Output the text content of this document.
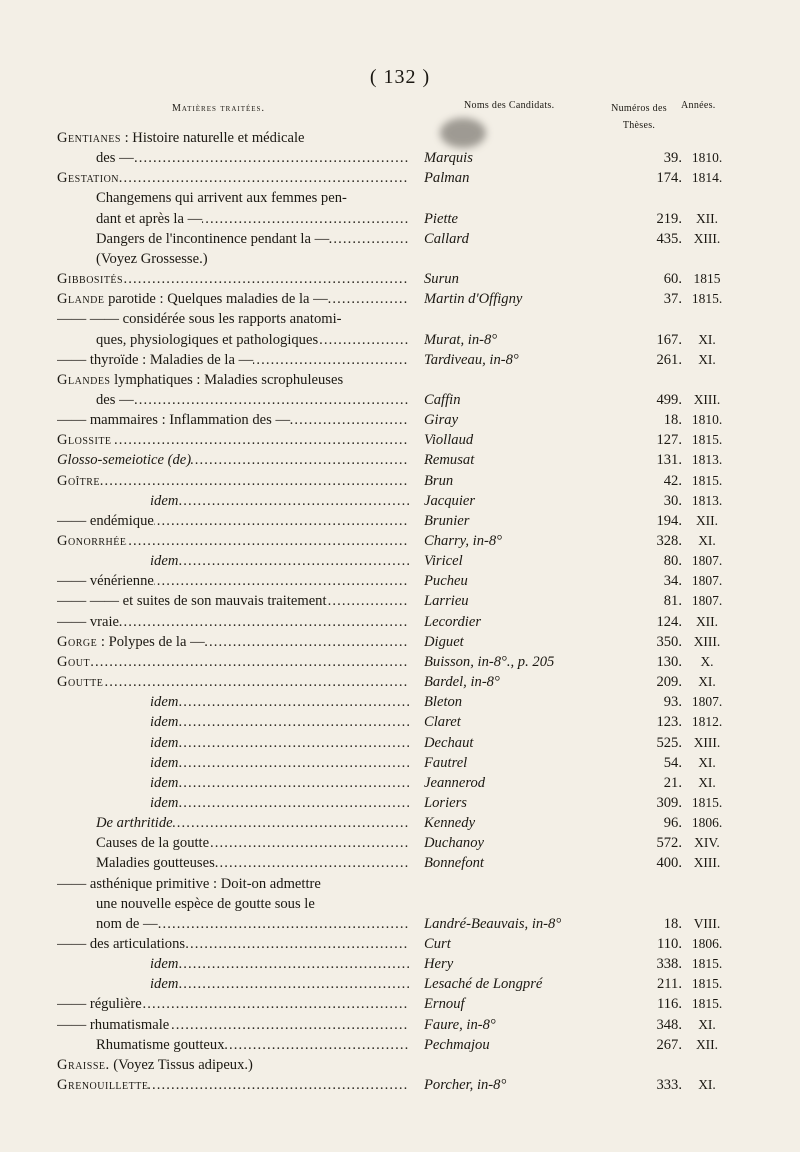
( 132 )
Matières traitées.	Noms des Candidats.	Numéros des Thèses.
Années.
Gentianes : Histoire naturelle et médicale
des — .....	Marquis	39. 1810.
Gestation .....	Palman	174. 1814.
Changemens qui arrivent aux femmes pen-
dant et après la — .....	Piette	219.	XII.
Dangers de l'incontinence pendant la — .....	Callard	435. XIII.
(Voyez Grossesse.)
Gibbosités .....	Surun	60. 1815
Glande parotide : Quelques maladies de la — .....	Martin d'Offigny	37. 1815.
—— —— considérée sous les rapports anatomi-
ques, physiologiques et pathologiques .....	Murat, in-8°	167.	XI.
—— thyroïde : Maladies de la — .....	Tardiveau, in-8°	261.	XI.
Glandes lymphatiques : Maladies scrophuleuses
des — .....	Caffin	499. XIII.
—— mammaires : Inflammation des — .....	Giray	18. 1810.
Glossite .....	Viollaud	127. 1815.
Glosso-semeiotice (de) .....	Remusat	131. 1813.
Goître .....	Brun	42. 1815.
idem .....	Jacquier	30. 1813.
—— endémique .....	Brunier	194.	XII.
Gonorrhée .....	Charry, in-8°	328.	XI.
idem .....	Viricel	80. 1807.
—— vénérienne .....	Pucheu	34. 1807.
—— —— et suites de son mauvais traitement .....	Larrieu	81. 1807.
—— vraie .....	Lecordier	124.	XII.
Gorge : Polypes de la — .....	Diguet	350. XIII.
Gout .....	Buisson, in-8°., p. 205	130.	X.
Goutte .....	Bardel, in-8°	209.	XI.
idem .....	Bleton	93. 1807.
idem .....	Claret	123. 1812.
idem .....	Dechaut	525. XIII.
idem .....	Fautrel	54.	XI.
idem .....	Jeannerod	21.	XI.
idem .....	Loriers	309. 1815.
De arthritide .....	Kennedy	96. 1806.
Causes de la goutte .....	Duchanoy	572. XIV.
Maladies goutteuses .....	Bonnefont	400. XIII.
—— asthénique primitive : Doit-on admettre
une nouvelle espèce de goutte sous le
nom de — .....	Landré-Beauvais, in-8°	18. VIII.
—— des articulations .....	Curt	110. 1806.
idem .....	Hery	338. 1815.
idem .....	Lesaché de Longpré	211. 1815.
—— régulière .....	Ernouf	116. 1815.
—— rhumatismale .....	Faure, in-8°	348.	XI.
Rhumatisme goutteux .....	Pechmajou	267.	XII.
Graisse. (Voyez Tissus adipeux.)
Grenouillette .....	Porcher, in-8°	333.	XI.
